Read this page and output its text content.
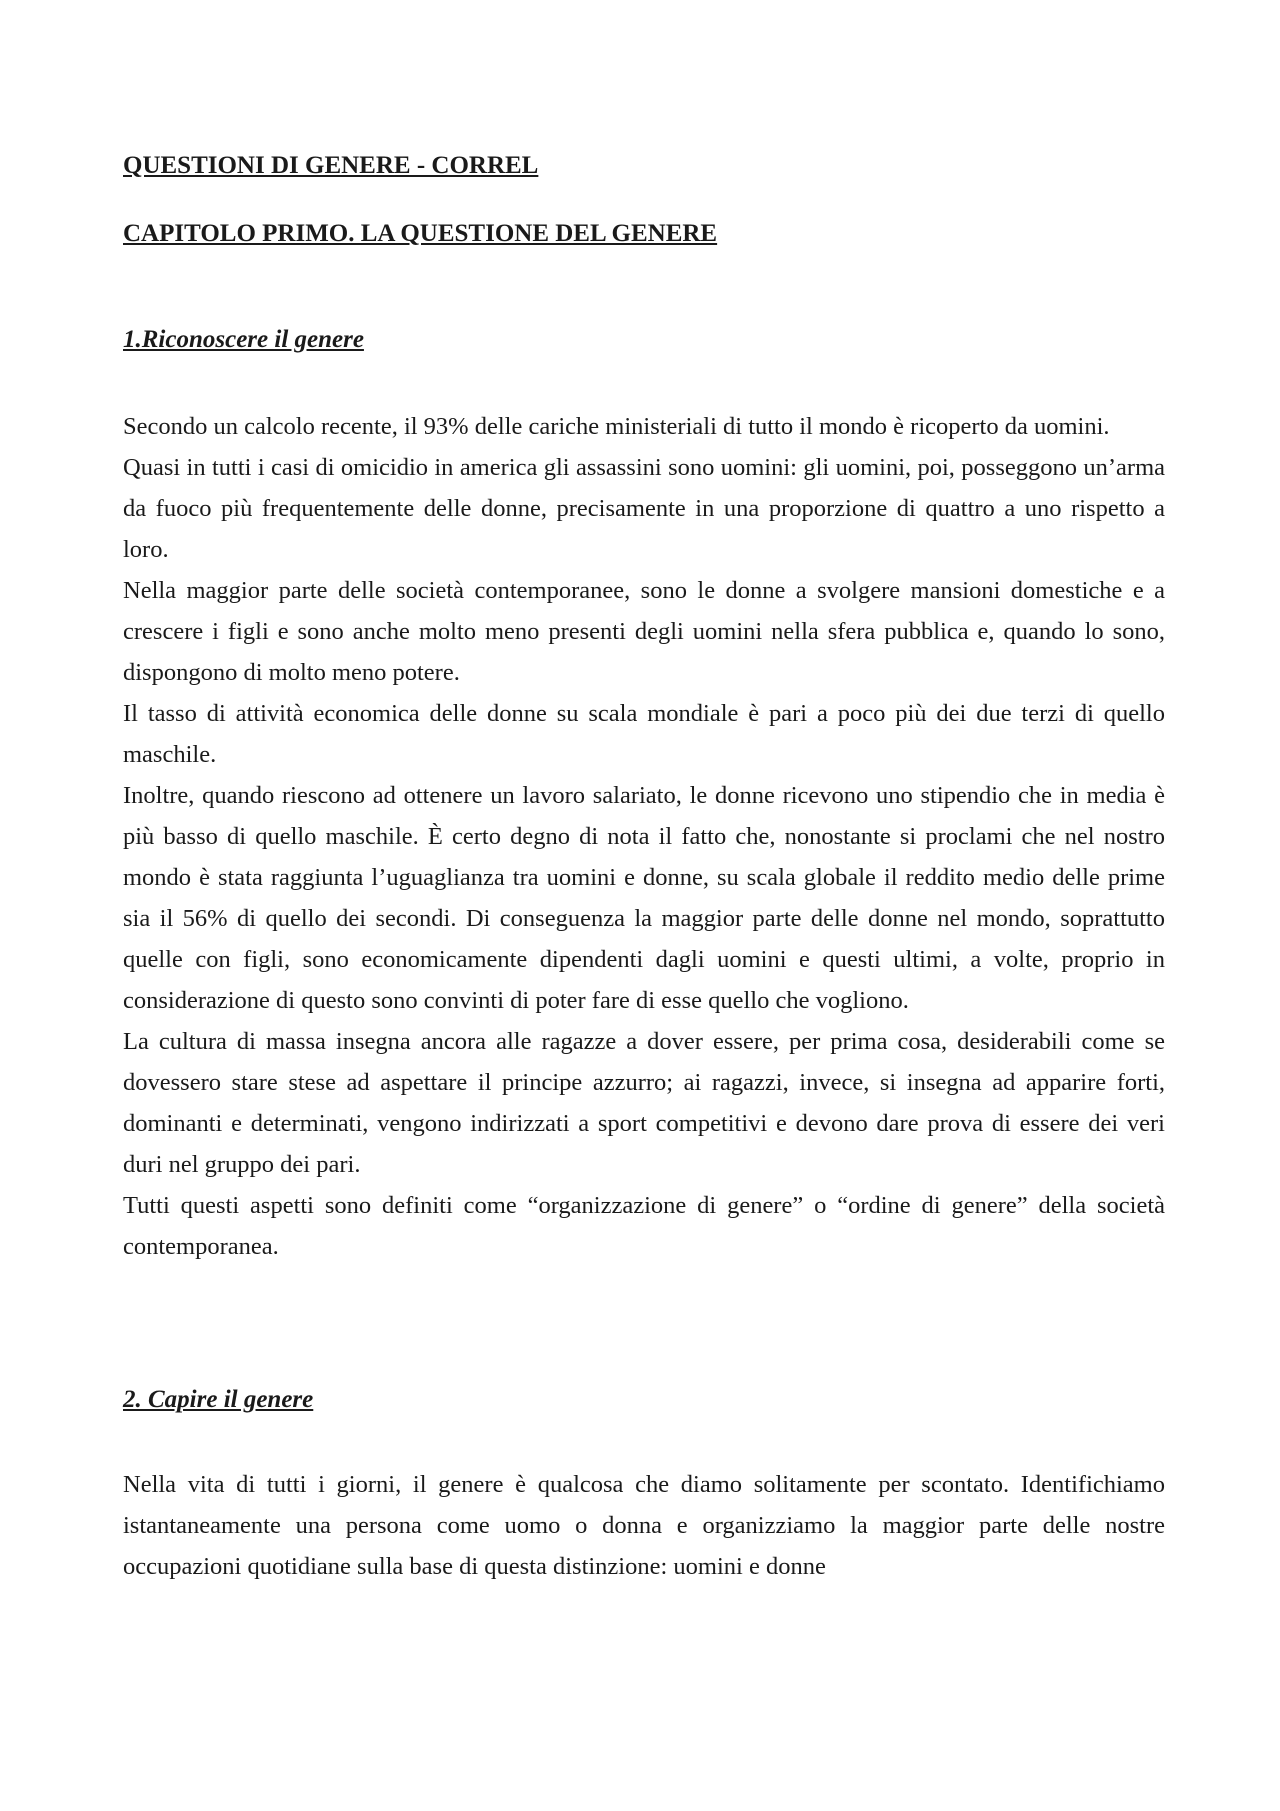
QUESTIONI DI GENERE - CORREL
CAPITOLO PRIMO. LA QUESTIONE DEL GENERE
1.Riconoscere il genere

Secondo un calcolo recente, il 93% delle cariche ministeriali di tutto il mondo è ricoperto da uomini.

Quasi in tutti i casi di omicidio in america gli assassini sono uomini: gli uomini, poi, posseggono un’arma da fuoco più frequentemente delle donne, precisamente in una proporzione di quattro a uno rispetto a loro.

Nella maggior parte delle società contemporanee, sono le donne a svolgere mansioni domestiche e a crescere i figli e sono anche molto meno presenti degli uomini nella sfera pubblica e, quando lo sono, dispongono di molto meno potere.

Il tasso di attività economica delle donne su scala mondiale è pari a poco più dei due terzi di quello maschile.

Inoltre, quando riescono ad ottenere un lavoro salariato, le donne ricevono uno stipendio che in media è più basso di quello maschile. È certo degno di nota il fatto che, nonostante si proclami che nel nostro mondo è stata raggiunta l’uguaglianza tra uomini e donne, su scala globale il reddito medio delle prime sia il 56% di quello dei secondi. Di conseguenza la maggior parte delle donne nel mondo, soprattutto quelle con figli, sono economicamente dipendenti dagli uomini e questi ultimi, a volte, proprio in considerazione di questo sono convinti di poter fare di esse quello che vogliono.

La cultura di massa insegna ancora alle ragazze a dover essere, per prima cosa, desiderabili come se dovessero stare stese ad aspettare il principe azzurro; ai ragazzi, invece, si insegna ad apparire forti, dominanti e determinati, vengono indirizzati a sport competitivi e devono dare prova di essere dei veri duri nel gruppo dei pari.

Tutti questi aspetti sono definiti come “organizzazione di genere” o “ordine di genere” della società contemporanea.

2. Capire il genere

Nella vita di tutti i giorni, il genere è qualcosa che diamo solitamente per scontato. Identifichiamo istantaneamente una persona come uomo o donna e organizziamo la maggior parte delle nostre occupazioni quotidiane sulla base di questa distinzione: uomini e donne
